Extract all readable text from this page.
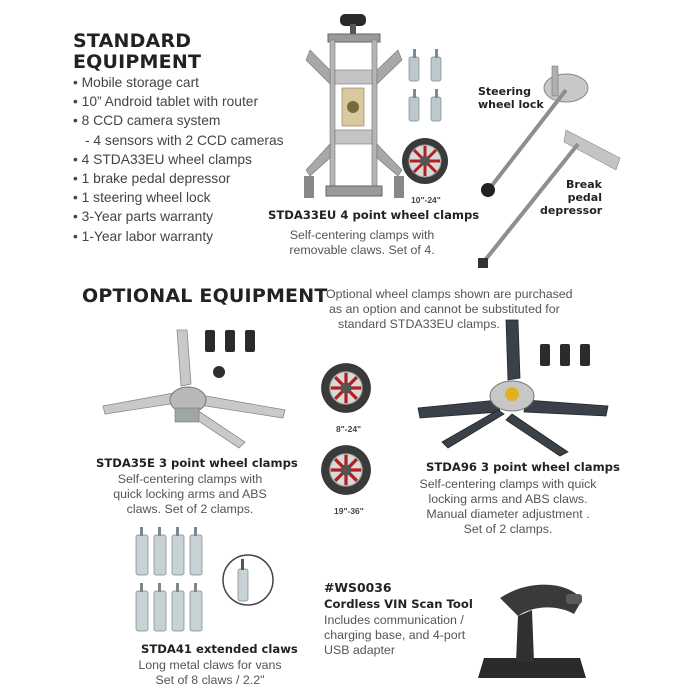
STANDARD
EQUIPMENT
• Mobile storage cart
• 10” Android tablet with router
• 8 CCD camera system
- 4 sensors with 2 CCD cameras
• 4 STDA33EU wheel clamps
• 1 brake pedal depressor
• 1 steering wheel lock
• 3-Year parts warranty
• 1-Year labor warranty
10"-24"
STDA33EU 4 point wheel clamps
Self-centering clamps with
removable claws. Set of 4.
Steering
wheel lock
Break
pedal
depressor
OPTIONAL EQUIPMENT
Optional wheel clamps shown are purchased
as an option and cannot be substituted for
standard STDA33EU clamps.
STDA35E 3 point wheel clamps
Self-centering clamps with
quick locking arms and ABS
claws. Set of 2 clamps.
8"-24"
19"-36"
STDA96 3 point wheel clamps
Self-centering clamps with quick
locking arms and ABS claws.
Manual diameter adjustment .
Set of 2 clamps.
STDA41 extended claws
Long metal claws for vans
Set of 8 claws / 2.2"
#WS0036
Cordless VIN Scan Tool
Includes communication /
charging base, and 4-port
USB adapter
